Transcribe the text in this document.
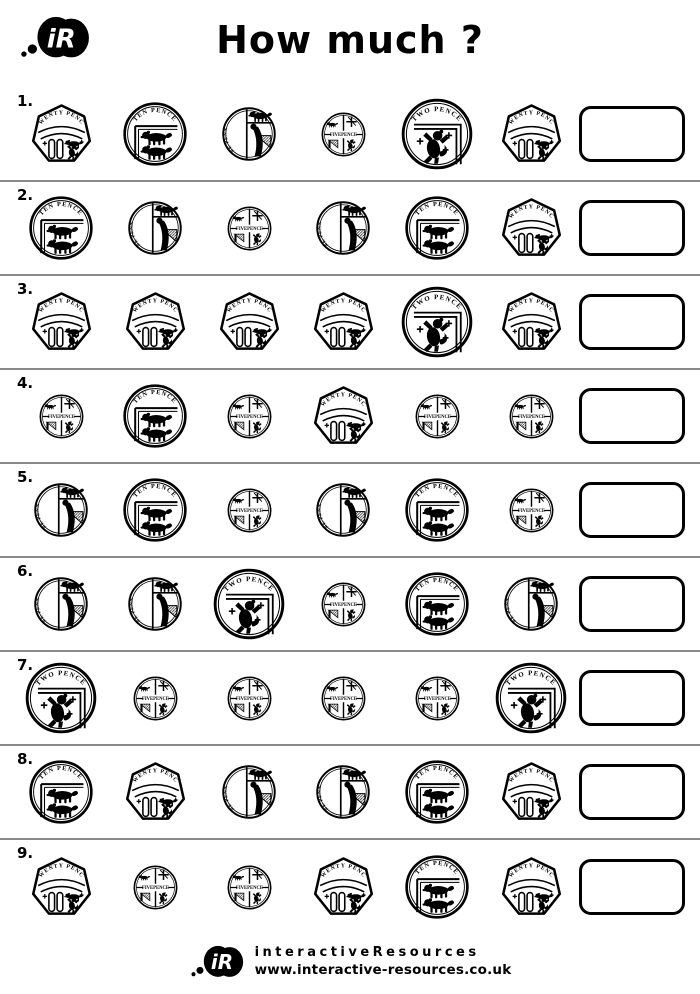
How much ?
1.
2.
3.
4.
5.
6.
7.
8.
9.
interactiveResources
www.interactive-resources.co.uk
